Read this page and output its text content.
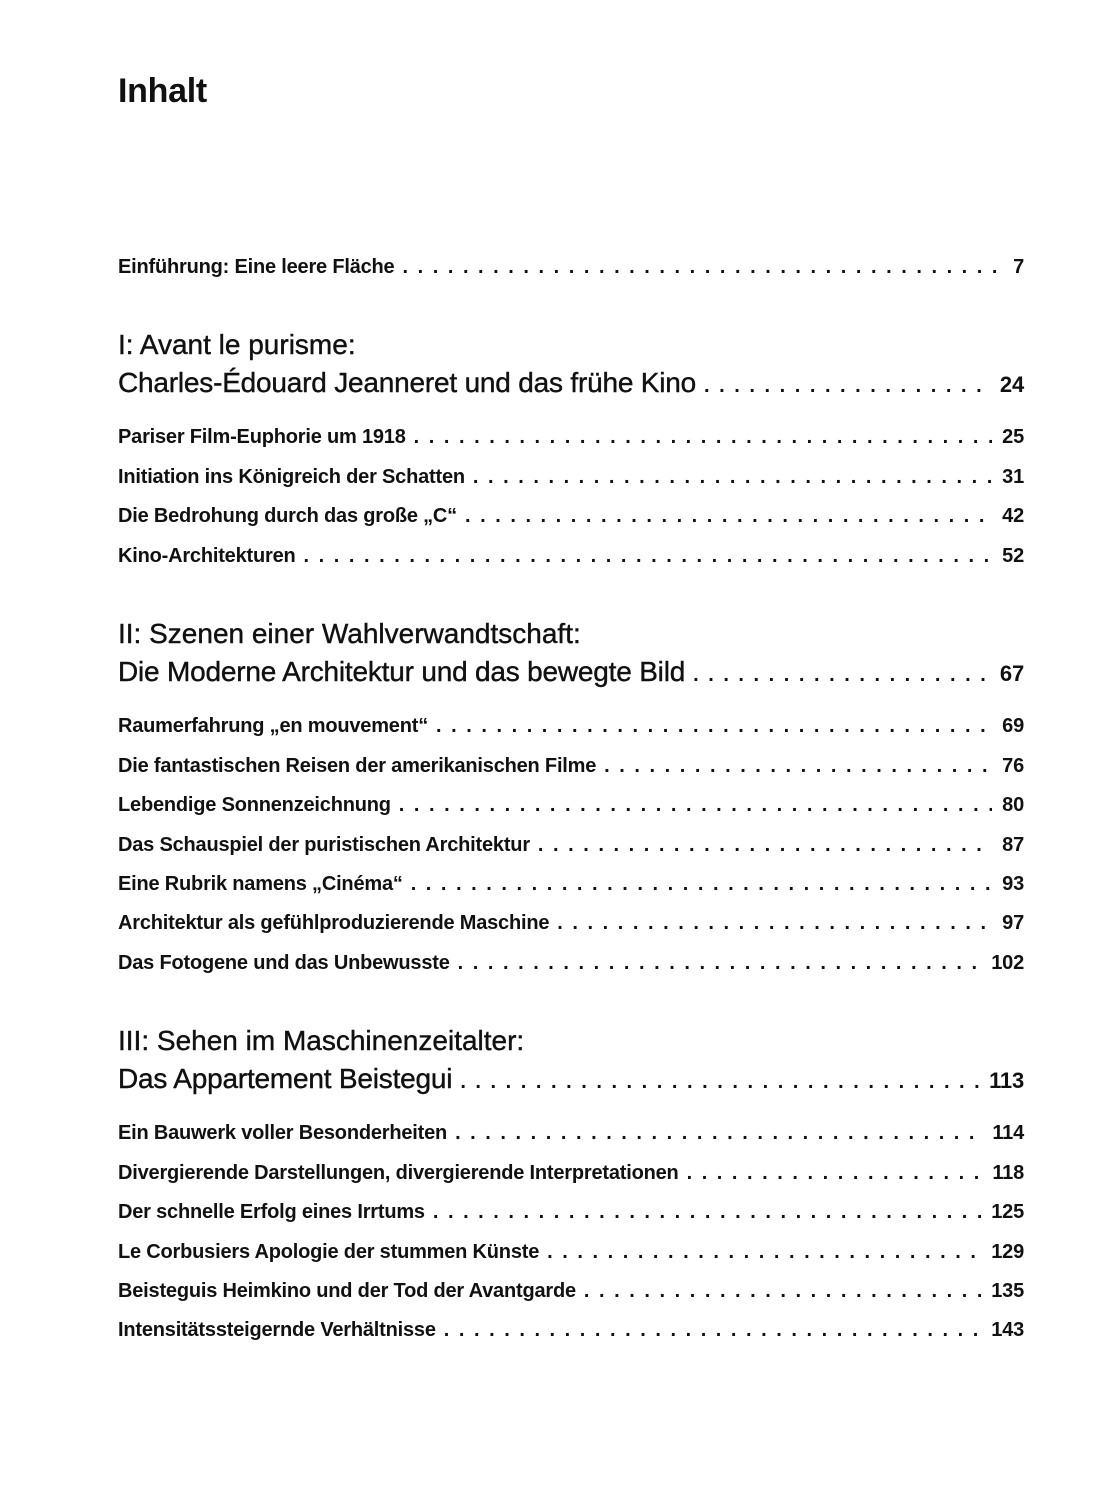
Inhalt
Einführung: Eine leere Fläche . . .	7
I: Avant le purisme:
Charles-Édouard Jeanneret und das frühe Kino . . .	24
Pariser Film-Euphorie um 1918 . . .	25
Initiation ins Königreich der Schatten . . .	31
Die Bedrohung durch das große „C“ . . .	42
Kino-Architekturen . . .	52
II: Szenen einer Wahlverwandtschaft:
Die Moderne Architektur und das bewegte Bild . . .	67
Raumerfahrung „en mouvement“ . . .	69
Die fantastischen Reisen der amerikanischen Filme . . .	76
Lebendige Sonnenzeichnung . . .	80
Das Schauspiel der puristischen Architektur . . .	87
Eine Rubrik namens „Cinéma“ . . .	93
Architektur als gefühlproduzierende Maschine . . .	97
Das Fotogene und das Unbewusste . . .	102
III: Sehen im Maschinenzeitalter:
Das Appartement Beistegui . . .	113
Ein Bauwerk voller Besonderheiten . . .	114
Divergierende Darstellungen, divergierende Interpretationen . . .	118
Der schnelle Erfolg eines Irrtums . . .	125
Le Corbusiers Apologie der stummen Künste . . .	129
Beisteguis Heimkino und der Tod der Avantgarde . . .	135
Intensitätssteigernde Verhältnisse . . .	143
